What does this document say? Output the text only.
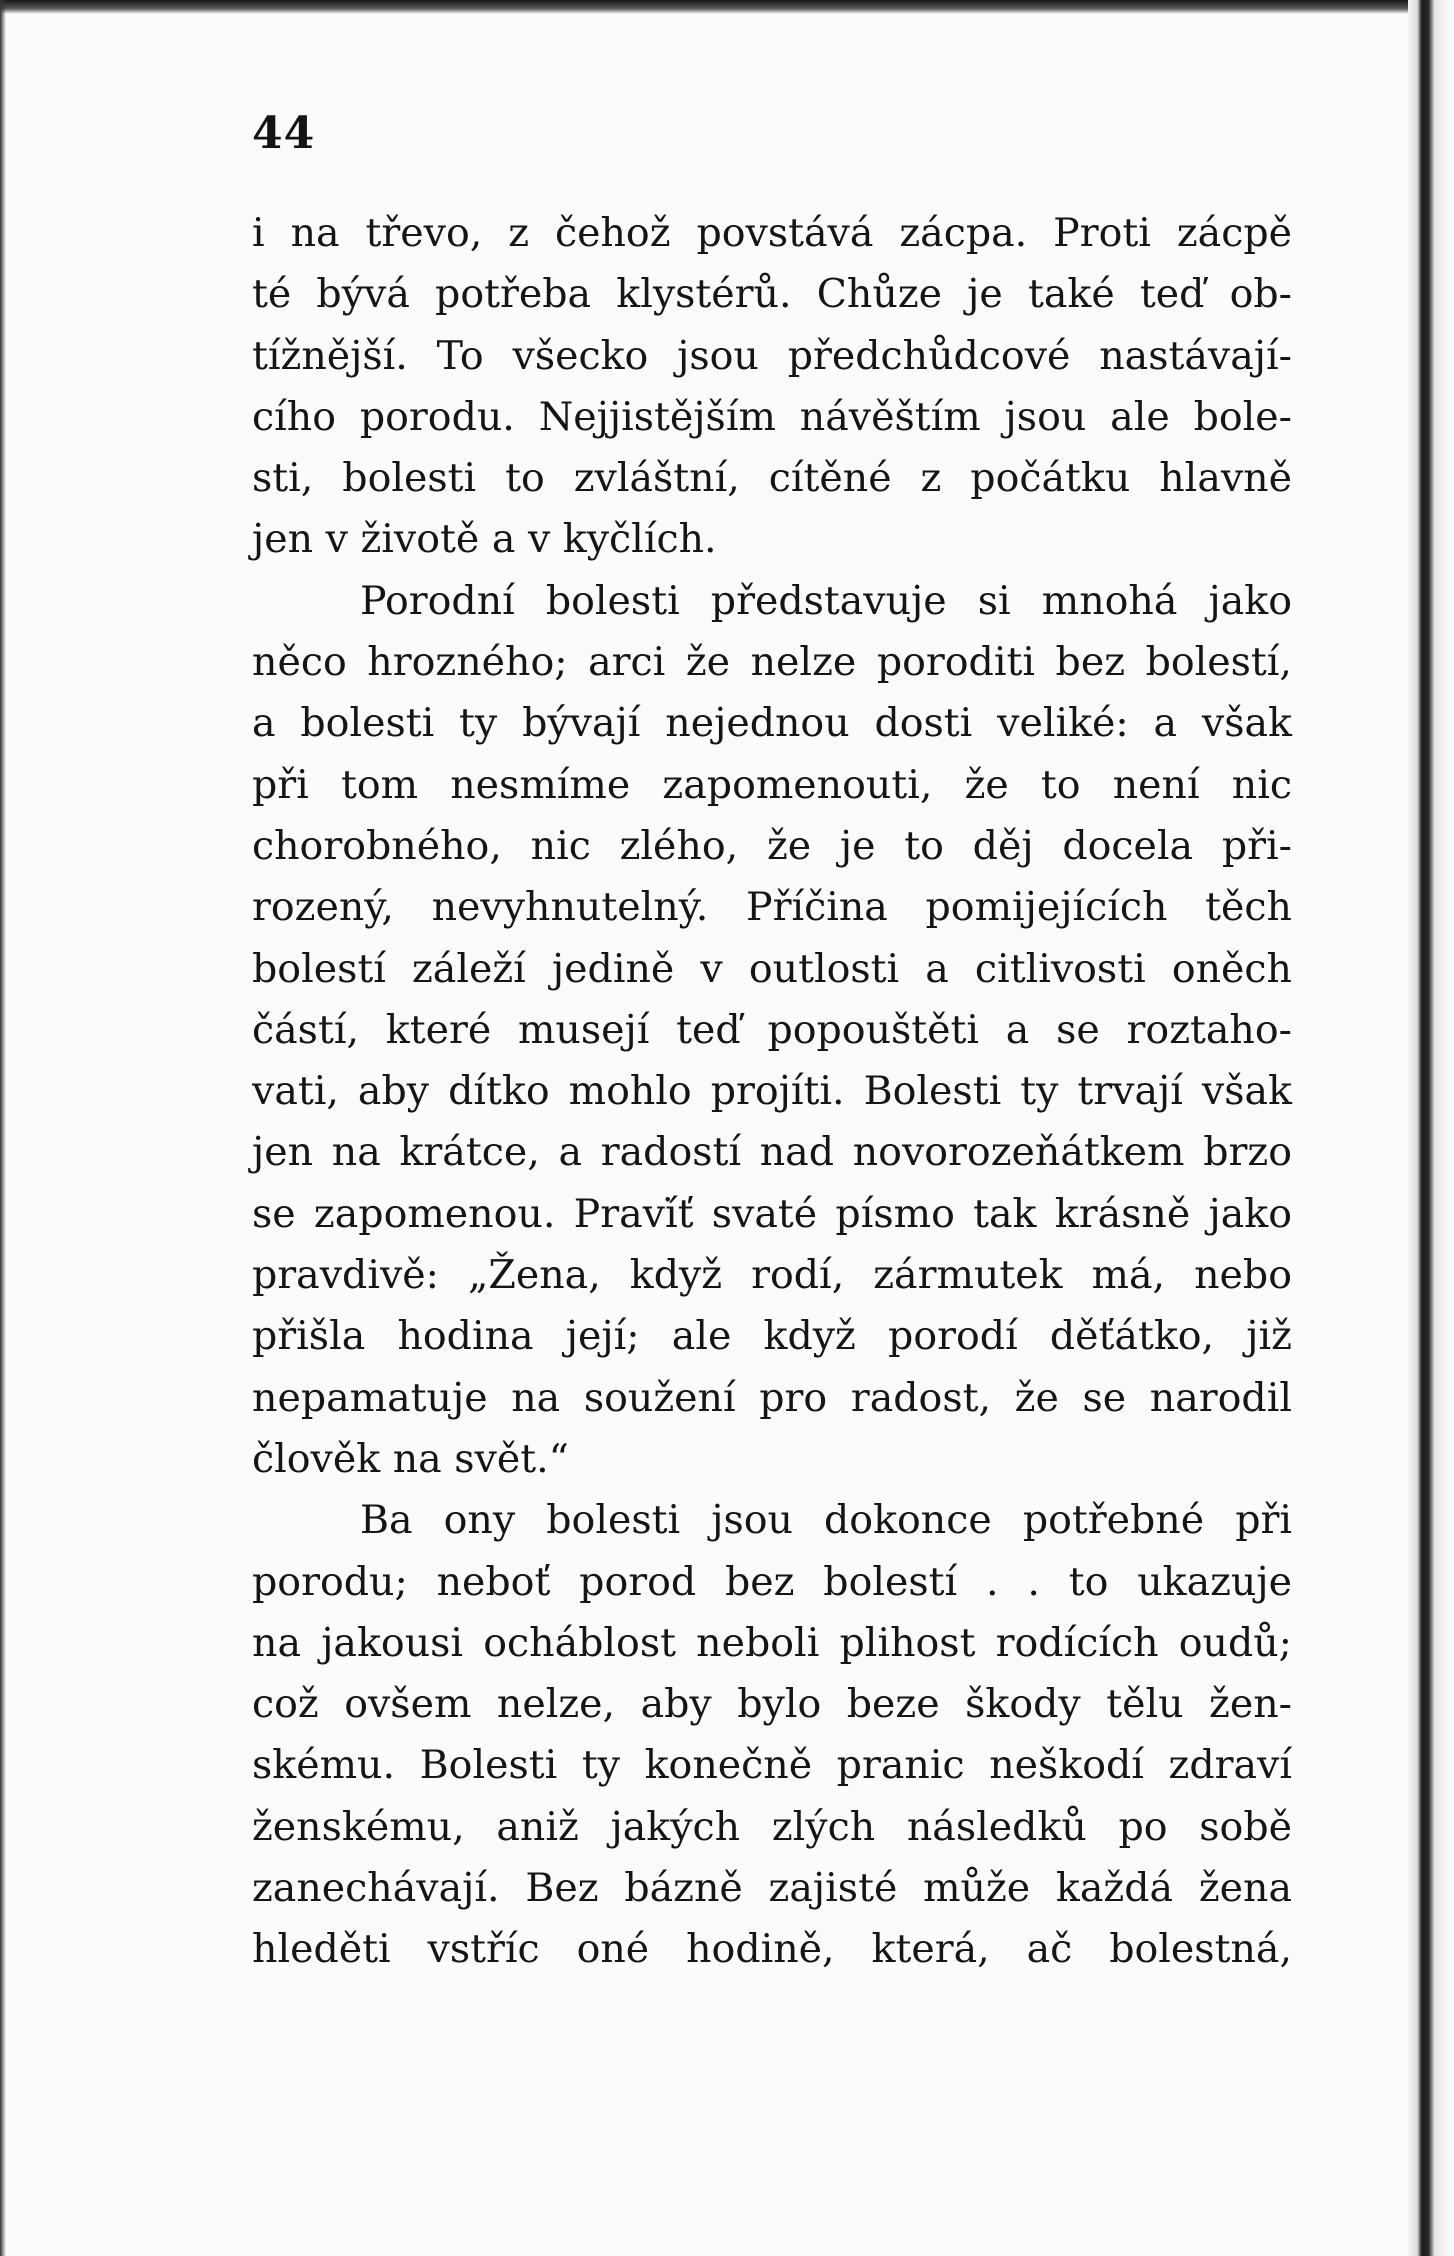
44
i na třevo, z čehož povstává zácpa. Proti zácpě
té bývá potřeba klystérů. Chůze je také teď ob-
tížnější. To všecko jsou předchůdcové nastávají-
cího porodu. Nejjistějším návěštím jsou ale bole-
sti, bolesti to zvláštní, cítěné z počátku hlavně
jen v životě a v kyčlích.
Porodní bolesti představuje si mnohá jako
něco hrozného; arci že nelze poroditi bez bolestí,
a bolesti ty bývají nejednou dosti veliké: a však
při tom nesmíme zapomenouti, že to není nic
chorobného, nic zlého, že je to děj docela při-
rozený, nevyhnutelný. Příčina pomijejících těch
bolestí záleží jedině v outlosti a citlivosti oněch
částí, které musejí teď popouštěti a se roztaho-
vati, aby dítko mohlo projíti. Bolesti ty trvají však
jen na krátce, a radostí nad novorozeňátkem brzo
se zapomenou. Praví̇ť svaté písmo tak krásně jako
pravdivě: „Žena, když rodí, zármutek má, nebo
přišla hodina její; ale když porodí děťátko, již
nepamatuje na soužení pro radost, že se narodil
člověk na svět.“
Ba ony bolesti jsou dokonce potřebné při
porodu; neboť porod bez bolestí . . to ukazuje
na jakousi ocháblost neboli plihost rodících oudů;
což ovšem nelze, aby bylo beze škody tělu žen-
skému. Bolesti ty konečně pranic neškodí zdraví
ženskému, aniž jakých zlých následků po sobě
zanechávají. Bez bázně zajisté může každá žena
hleděti vstříc oné hodině, která, ač bolestná,
